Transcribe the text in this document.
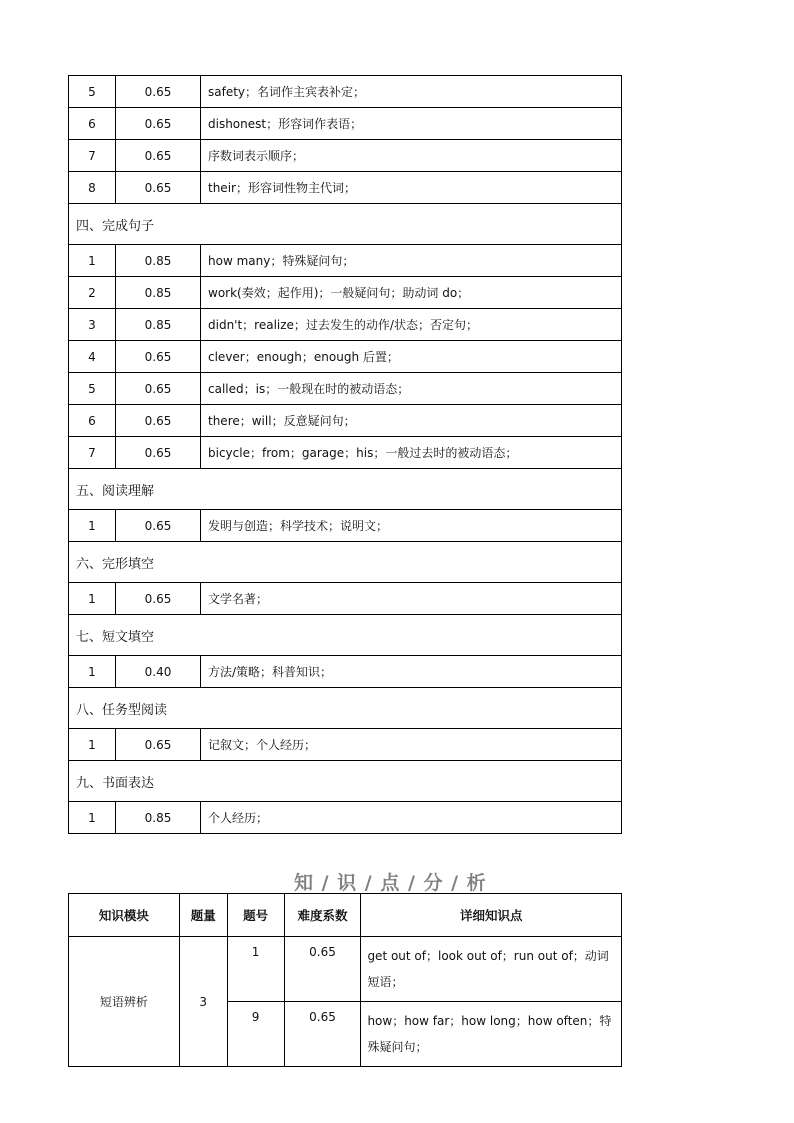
5	0.65	safety；名词作主宾表补定；
6	0.65	dishonest；形容词作表语；
7	0.65	序数词表示顺序；
8	0.65	their；形容词性物主代词；
四、完成句子		
1	0.85	how many；特殊疑问句；
2	0.85	work(奏效；起作用)；一般疑问句；助动词 do；
3	0.85	didn't；realize；过去发生的动作/状态；否定句；
4	0.65	clever；enough；enough 后置；
5	0.65	called；is；一般现在时的被动语态；
6	0.65	there；will；反意疑问句；
7	0.65	bicycle；from；garage；his；一般过去时的被动语态；
五、阅读理解		
1	0.65	发明与创造；科学技术；说明文；
六、完形填空		
1	0.65	文学名著；
七、短文填空		
1	0.40	方法/策略；科普知识；
八、任务型阅读		
1	0.65	记叙文；个人经历；
九、书面表达		
1	0.85	个人经历；
知 / 识 / 点 / 分 / 析
知识模块	题量	题号	难度系数	详细知识点
短语辨析	3	1	0.65	get out of；look out of；run out of；动词短语；
		9	0.65	how；how far；how long；how often；特殊疑问句；
